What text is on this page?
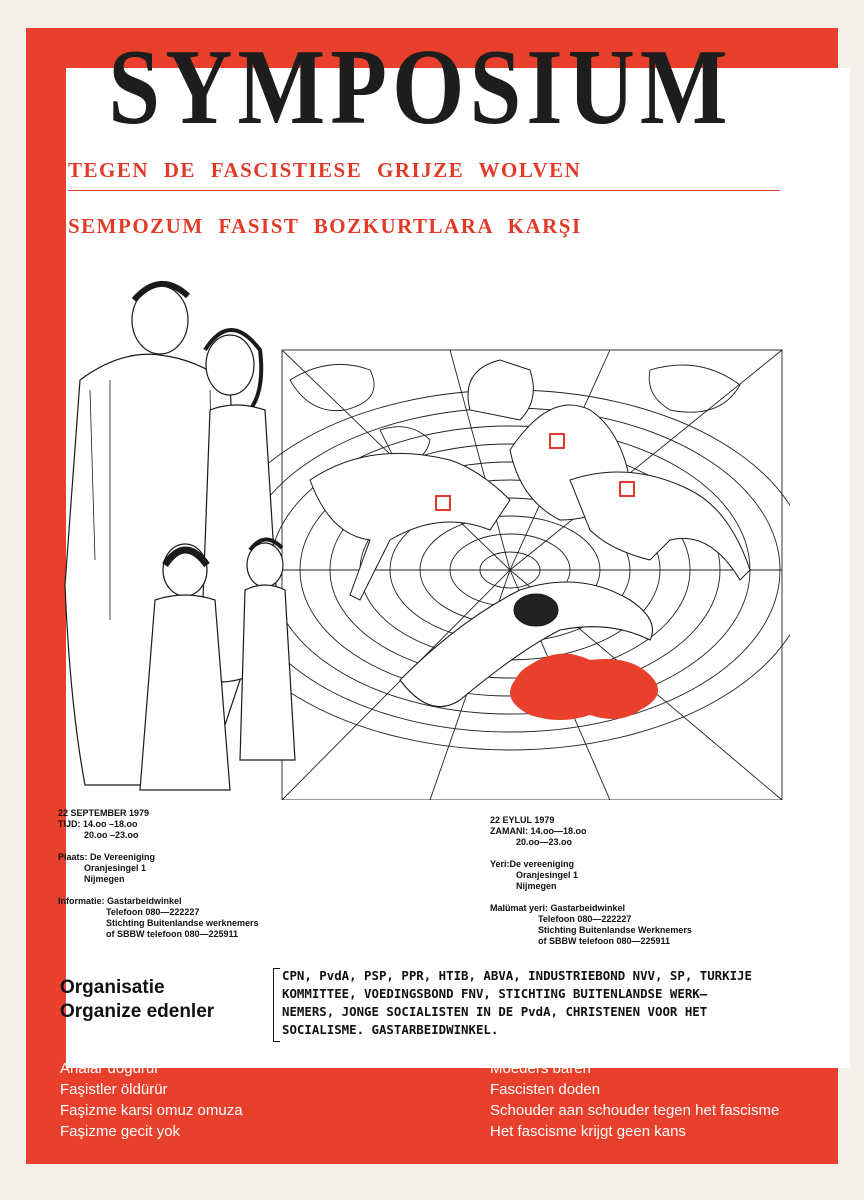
SYMPOSIUM
TEGEN DE FASCISTIESE GRIJZE WOLVEN
SEMPOZUM FASIST BOZKURTLARA KARŞI
22 SEPTEMBER 1979
TIJD: 14.oo –18.oo
20.oo –23.oo
Plaats: De Vereeniging
Oranjesingel 1
Nijmegen
Informatie: Gastarbeidwinkel
Telefoon 080—222227
Stichting Buitenlandse werknemers
of SBBW telefoon 080—225911
22 EYLUL 1979
ZAMANI: 14.oo—18.oo
20.oo—23.oo
Yeri:De vereeniging
Oranjesingel 1
Nijmegen
Malümat yeri: Gastarbeidwinkel
Telefoon 080—222227
Stichting Buitenlandse Werknemers
of SBBW telefoon 080—225911
Organisatie
Organize edenler
CPN, PvdA, PSP, PPR, HTIB, ABVA, INDUSTRIEBOND NVV, SP, TURKIJE
KOMMITTEE, VOEDINGSBOND FNV, STICHTING BUITENLANDSE WERK—
NEMERS, JONGE SOCIALISTEN IN DE PvdA, CHRISTENEN VOOR HET
SOCIALISME. GASTARBEIDWINKEL.
Analar doğurur
Faşistler öldürür
Faşizme karsi omuz omuza
Faşizme gecit yok
Moeders baren
Fascisten doden
Schouder aan schouder tegen het fascisme
Het fascisme krijgt geen kans
